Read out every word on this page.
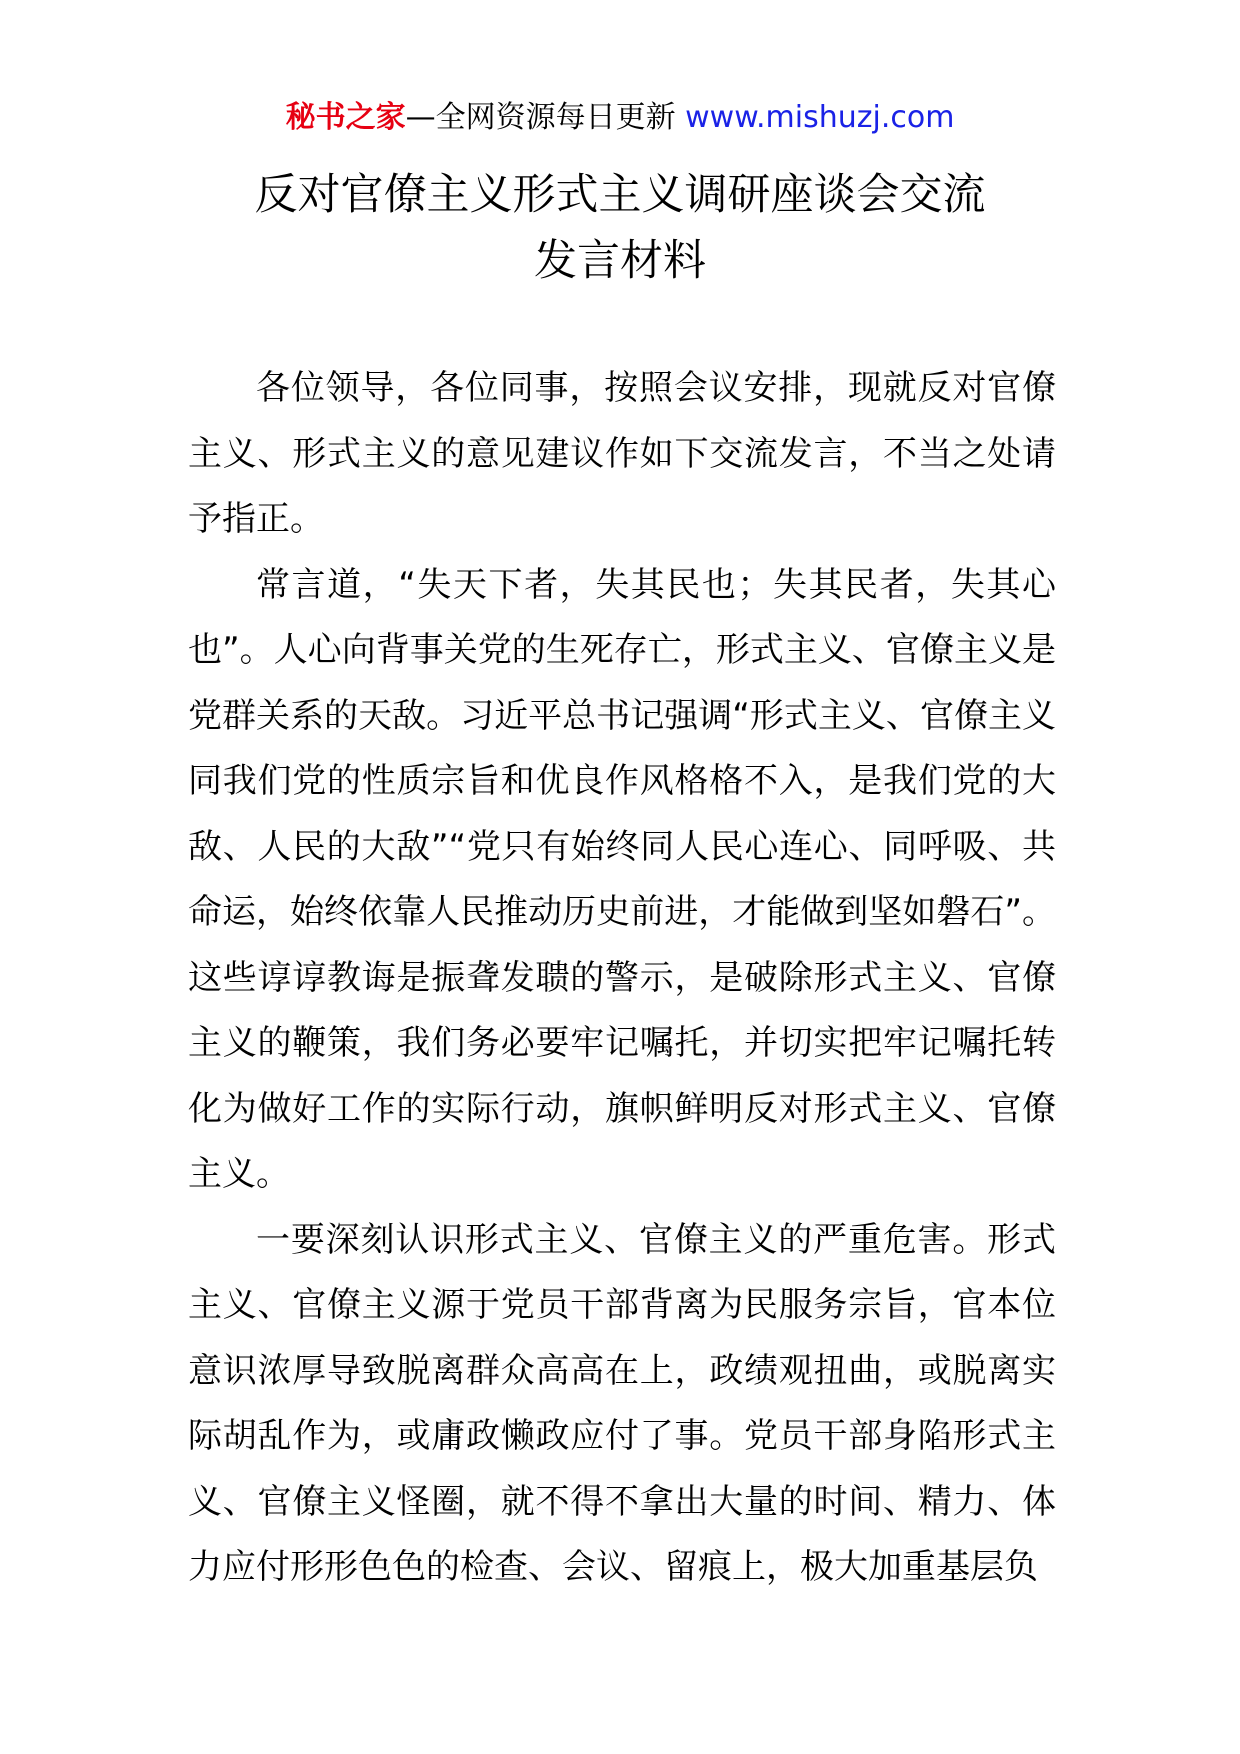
秘书之家—全网资源每日更新 www.mishuzj.com
反对官僚主义形式主义调研座谈会交流
发言材料

各位领导，各位同事，按照会议安排，现就反对官僚主义、形式主义的意见建议作如下交流发言，不当之处请予指正。

常言道，“失天下者，失其民也；失其民者，失其心也”。人心向背事关党的生死存亡，形式主义、官僚主义是党群关系的天敌。习近平总书记强调“形式主义、官僚主义同我们党的性质宗旨和优良作风格格不入，是我们党的大敌、人民的大敌”“党只有始终同人民心连心、同呼吸、共命运，始终依靠人民推动历史前进，才能做到坚如磐石”。这些谆谆教诲是振聋发聩的警示，是破除形式主义、官僚主义的鞭策，我们务必要牢记嘱托，并切实把牢记嘱托转化为做好工作的实际行动，旗帜鲜明反对形式主义、官僚主义。

一要深刻认识形式主义、官僚主义的严重危害。形式主义、官僚主义源于党员干部背离为民服务宗旨，官本位意识浓厚导致脱离群众高高在上，政绩观扭曲，或脱离实际胡乱作为，或庸政懒政应付了事。党员干部身陷形式主义、官僚主义怪圈，就不得不拿出大量的时间、精力、体力应付形形色色的检查、会议、留痕上，极大加重基层负
